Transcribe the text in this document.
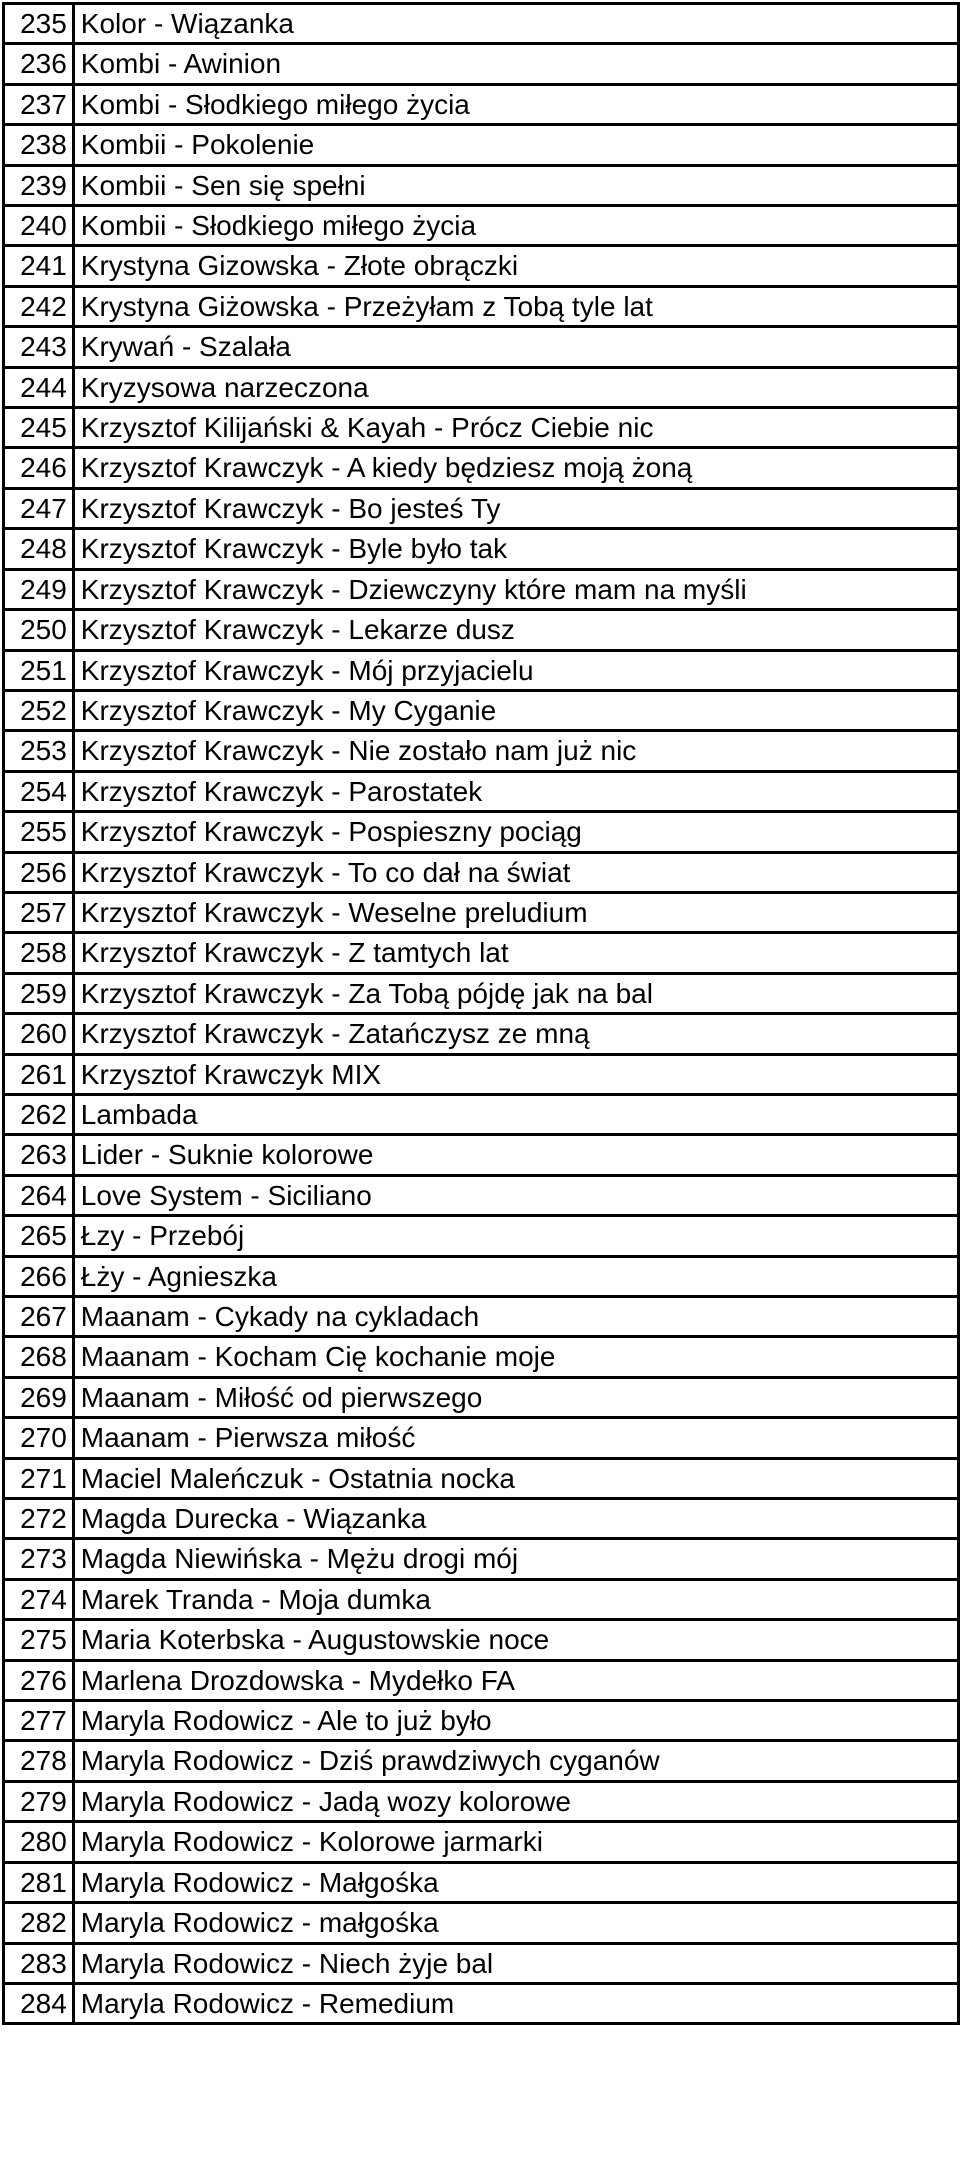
235	Kolor - Wiązanka
236	Kombi - Awinion
237	Kombi - Słodkiego miłego życia
238	Kombii - Pokolenie
239	Kombii - Sen się spełni
240	Kombii - Słodkiego miłego życia
241	Krystyna Gizowska - Złote obrączki
242	Krystyna Giżowska - Przeżyłam z Tobą tyle lat
243	Krywań - Szalała
244	Kryzysowa narzeczona
245	Krzysztof Kilijański & Kayah - Prócz Ciebie nic
246	Krzysztof Krawczyk - A kiedy będziesz moją żoną
247	Krzysztof Krawczyk - Bo jesteś Ty
248	Krzysztof Krawczyk - Byle było tak
249	Krzysztof Krawczyk - Dziewczyny które mam na myśli
250	Krzysztof Krawczyk - Lekarze dusz
251	Krzysztof Krawczyk - Mój przyjacielu
252	Krzysztof Krawczyk - My Cyganie
253	Krzysztof Krawczyk - Nie zostało nam już nic
254	Krzysztof Krawczyk - Parostatek
255	Krzysztof Krawczyk - Pospieszny pociąg
256	Krzysztof Krawczyk - To co dał na świat
257	Krzysztof Krawczyk - Weselne preludium
258	Krzysztof Krawczyk - Z tamtych lat
259	Krzysztof Krawczyk - Za Tobą pójdę jak na bal
260	Krzysztof Krawczyk - Zatańczysz ze mną
261	Krzysztof Krawczyk MIX
262	Lambada
263	Lider - Suknie kolorowe
264	Love System - Siciliano
265	Łzy - Przebój
266	Łży - Agnieszka
267	Maanam - Cykady na cykladach
268	Maanam - Kocham Cię kochanie moje
269	Maanam - Miłość od pierwszego
270	Maanam - Pierwsza miłość
271	Maciel Maleńczuk - Ostatnia nocka
272	Magda Durecka - Wiązanka
273	Magda Niewińska - Mężu drogi mój
274	Marek Tranda - Moja dumka
275	Maria Koterbska - Augustowskie noce
276	Marlena Drozdowska - Mydełko FA
277	Maryla Rodowicz - Ale to już było
278	Maryla Rodowicz - Dziś prawdziwych cyganów
279	Maryla Rodowicz - Jadą wozy kolorowe
280	Maryla Rodowicz - Kolorowe jarmarki
281	Maryla Rodowicz - Małgośka
282	Maryla Rodowicz - małgośka
283	Maryla Rodowicz - Niech żyje bal
284	Maryla Rodowicz - Remedium
